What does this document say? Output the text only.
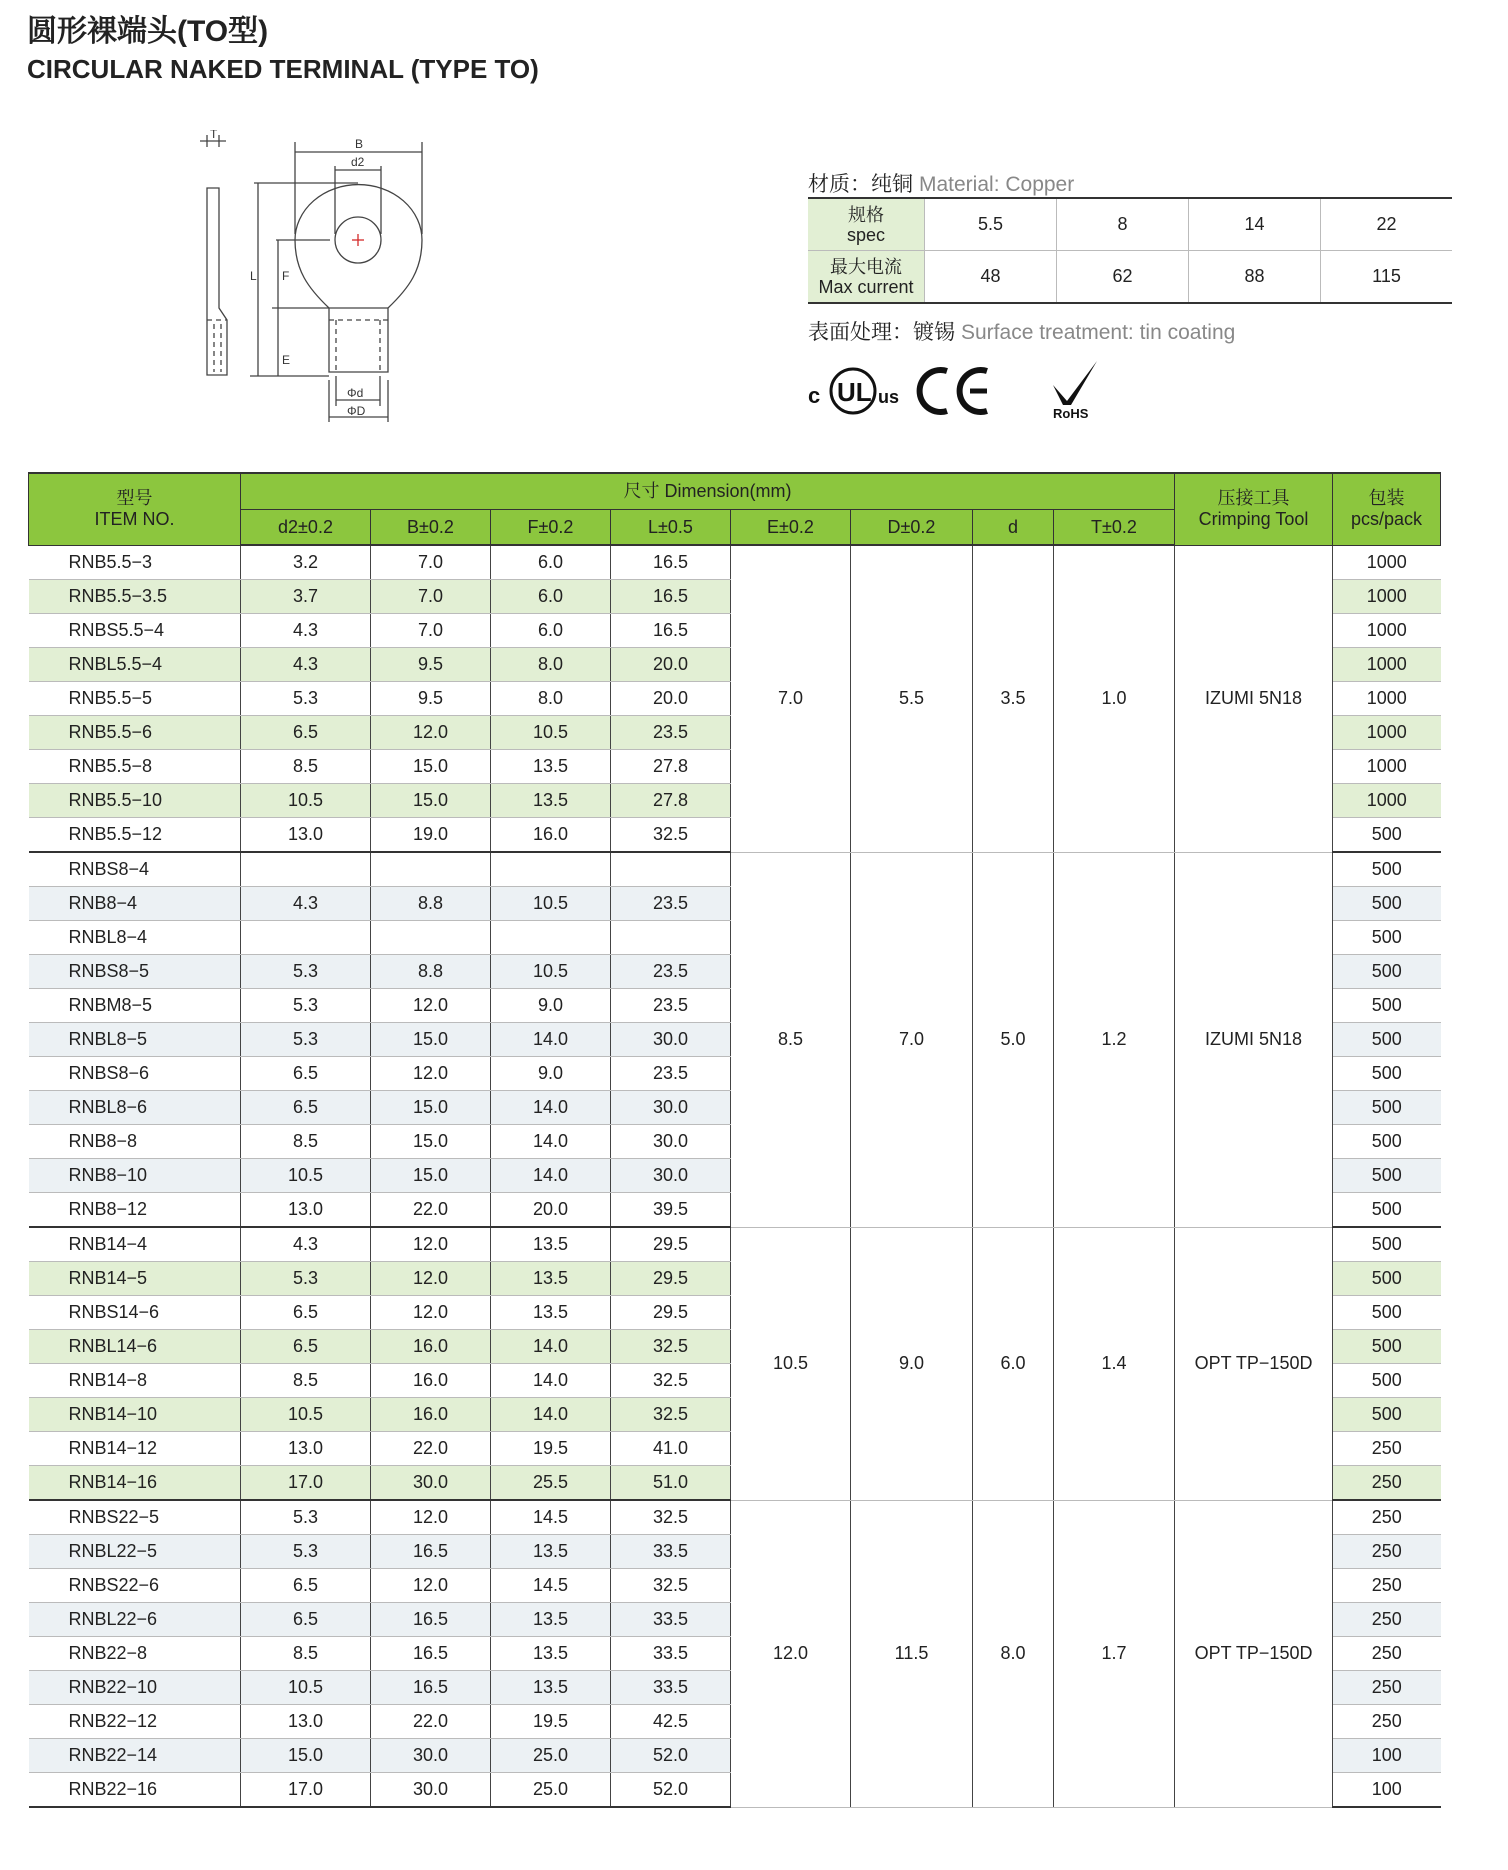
圆形裸端头(TO型)
CIRCULAR NAKED TERMINAL (TYPE TO)
T
B
d2
L F
E
Φd
ΦD
材质：纯铜 Material: Copper
规格
spec	5.5	8	14	22
最大电流
Max current	48	62	88	115
表面处理：镀锡 Surface treatment: tin coating
c UL us
RoHS
型号
ITEM NO.	尺寸 Dimension(mm)								压接工具
Crimping Tool	包装
pcs/pack
	d2±0.2	B±0.2	F±0.2	L±0.5	E±0.2	D±0.2	d	T±0.2		
RNB5.5−3	3.2	7.0	6.0	16.5	7.0	5.5	3.5	1.0	IZUMI 5N18	1000
RNB5.5−3.5	3.7	7.0	6.0	16.5						1000
RNBS5.5−4	4.3	7.0	6.0	16.5						1000
RNBL5.5−4	4.3	9.5	8.0	20.0						1000
RNB5.5−5	5.3	9.5	8.0	20.0						1000
RNB5.5−6	6.5	12.0	10.5	23.5						1000
RNB5.5−8	8.5	15.0	13.5	27.8						1000
RNB5.5−10	10.5	15.0	13.5	27.8						1000
RNB5.5−12	13.0	19.0	16.0	32.5						500
RNBS8−4					8.5	7.0	5.0	1.2	IZUMI 5N18	500
RNB8−4	4.3	8.8	10.5	23.5						500
RNBL8−4										500
RNBS8−5	5.3	8.8	10.5	23.5						500
RNBM8−5	5.3	12.0	9.0	23.5						500
RNBL8−5	5.3	15.0	14.0	30.0						500
RNBS8−6	6.5	12.0	9.0	23.5						500
RNBL8−6	6.5	15.0	14.0	30.0						500
RNB8−8	8.5	15.0	14.0	30.0						500
RNB8−10	10.5	15.0	14.0	30.0						500
RNB8−12	13.0	22.0	20.0	39.5						500
RNB14−4	4.3	12.0	13.5	29.5	10.5	9.0	6.0	1.4	OPT TP−150D	500
RNB14−5	5.3	12.0	13.5	29.5						500
RNBS14−6	6.5	12.0	13.5	29.5						500
RNBL14−6	6.5	16.0	14.0	32.5						500
RNB14−8	8.5	16.0	14.0	32.5						500
RNB14−10	10.5	16.0	14.0	32.5						500
RNB14−12	13.0	22.0	19.5	41.0						250
RNB14−16	17.0	30.0	25.5	51.0						250
RNBS22−5	5.3	12.0	14.5	32.5	12.0	11.5	8.0	1.7	OPT TP−150D	250
RNBL22−5	5.3	16.5	13.5	33.5						250
RNBS22−6	6.5	12.0	14.5	32.5						250
RNBL22−6	6.5	16.5	13.5	33.5						250
RNB22−8	8.5	16.5	13.5	33.5						250
RNB22−10	10.5	16.5	13.5	33.5						250
RNB22−12	13.0	22.0	19.5	42.5						250
RNB22−14	15.0	30.0	25.0	52.0						100
RNB22−16	17.0	30.0	25.0	52.0						100
